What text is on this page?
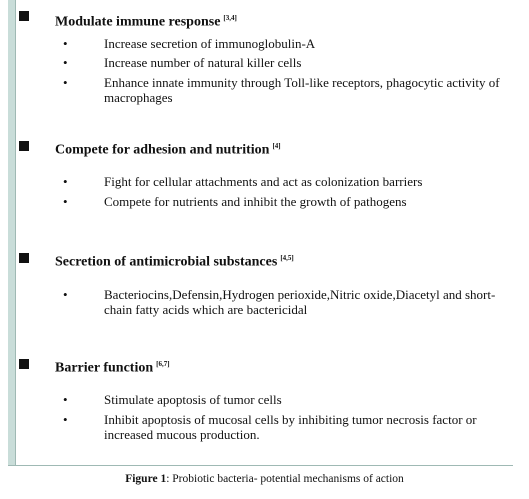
Modulate immune response [3,4]
•	Increase secretion of immunoglobulin-A
•	Increase number of natural killer cells
•	Enhance innate immunity through Toll-like receptors, phagocytic activity of macrophages
Compete for adhesion and nutrition [4]
•	Fight for cellular attachments and act as colonization barriers
•	Compete for nutrients and inhibit the growth of pathogens
Secretion of antimicrobial substances [4,5]
•	Bacteriocins,Defensin,Hydrogen perioxide,Nitric oxide,Diacetyl and short-chain fatty acids which are bactericidal
Barrier function [6,7]
•	Stimulate apoptosis of tumor cells
•	Inhibit apoptosis of mucosal cells by inhibiting tumor necrosis factor or increased mucous production.
Figure 1: Probiotic bacteria- potential mechanisms of action
